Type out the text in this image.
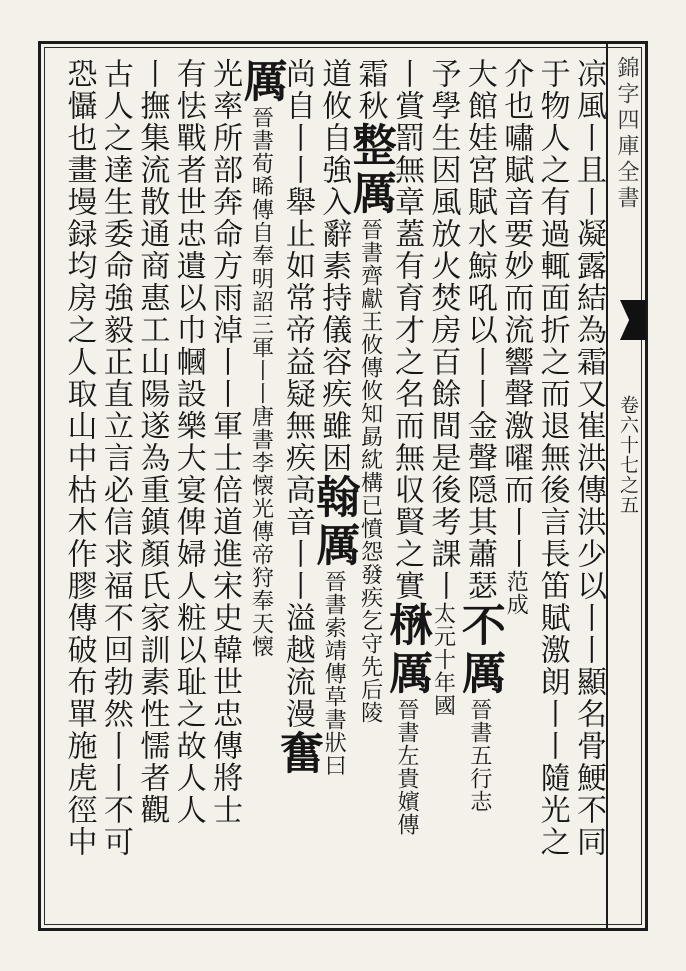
錦字四庫全書
卷六十七之五
凉風丨且丨凝露結為霜又崔洪傳洪少以丨丨顯名骨鯁不同
于物人之有過輒面折之而退無後言長笛賦激朗丨丨隨光之
介也嘯賦音要妙而流響聲激嚁而丨丨范成
大館娃宮賦水鯨吼以丨丨金聲隠其蕭瑟不厲晉書五行志
予學生因風放火焚房百餘間是後考課丨太元十年國
丨賞罰無章蓋有育才之名而無収賢之實㮊厲晉書左貴嬪傳
霜秋整厲晉書齊獻王攸傳攸知勗紞構已憤怨發疾乞守先后陵
道攸自強入辭素持儀容疾雖困翰厲晉書索靖傳草書狀曰
尚自丨丨舉止如常帝益疑無疾高音丨丨溢越流漫奮
厲晉書荀晞傳自奉明詔三軍丨丨唐書李懐光傳帝狩奉天懐
光率所部奔命方雨淖丨丨軍士倍道進宋史韓世忠傳將士
有怯戰者世忠遺以巾幗設樂大宴俾婦人粧以耻之故人人
丨撫集流散通商惠工山陽遂為重鎮顏氏家訓素性懦者觀
古人之達生委命強毅正直立言必信求福不回勃然丨丨不可
恐懾也畫墁録均房之人取山中枯木作膠傳破布單施虎徑中
